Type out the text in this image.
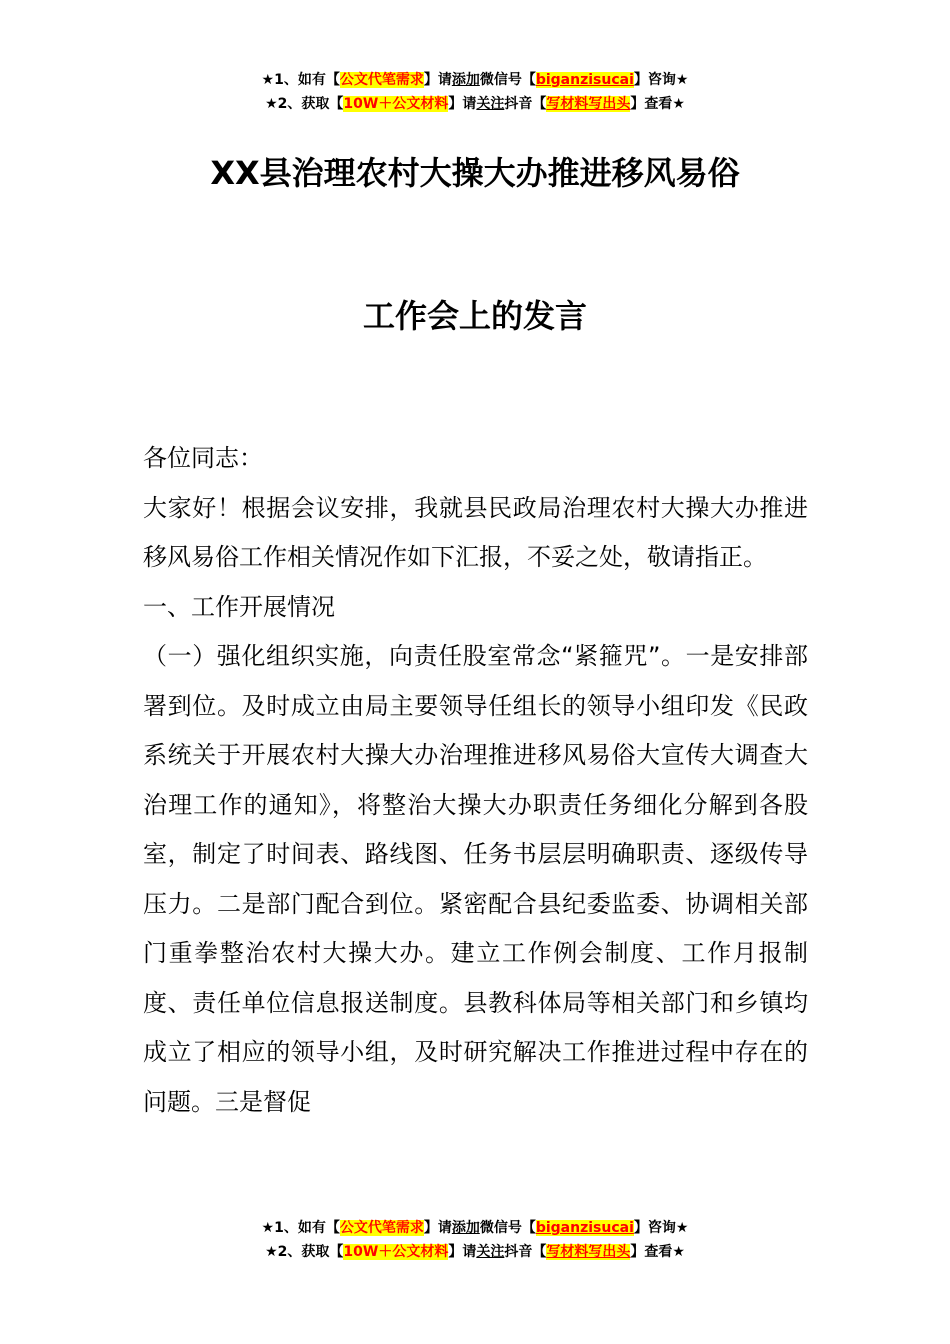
★1、如有【公文代笔需求】请添加微信号【biganzisucai】咨询★
★2、获取【10W＋公文材料】请关注抖音【写材料写出头】查看★
XX县治理农村大操大办推进移风易俗
工作会上的发言

各位同志：

大家好！根据会议安排，我就县民政局治理农村大操大办推进移风易俗工作相关情况作如下汇报，不妥之处，敬请指正。

一、工作开展情况

（一）强化组织实施，向责任股室常念“紧箍咒”。一是安排部署到位。及时成立由局主要领导任组长的领导小组印发《民政系统关于开展农村大操大办治理推进移风易俗大宣传大调查大治理工作的通知》，将整治大操大办职责任务细化分解到各股室，制定了时间表、路线图、任务书层层明确职责、逐级传导压力。二是部门配合到位。紧密配合县纪委监委、协调相关部门重拳整治农村大操大办。建立工作例会制度、工作月报制度、责任单位信息报送制度。县教科体局等相关部门和乡镇均成立了相应的领导小组，及时研究解决工作推进过程中存在的问题。三是督促

★1、如有【公文代笔需求】请添加微信号【biganzisucai】咨询★
★2、获取【10W＋公文材料】请关注抖音【写材料写出头】查看★
